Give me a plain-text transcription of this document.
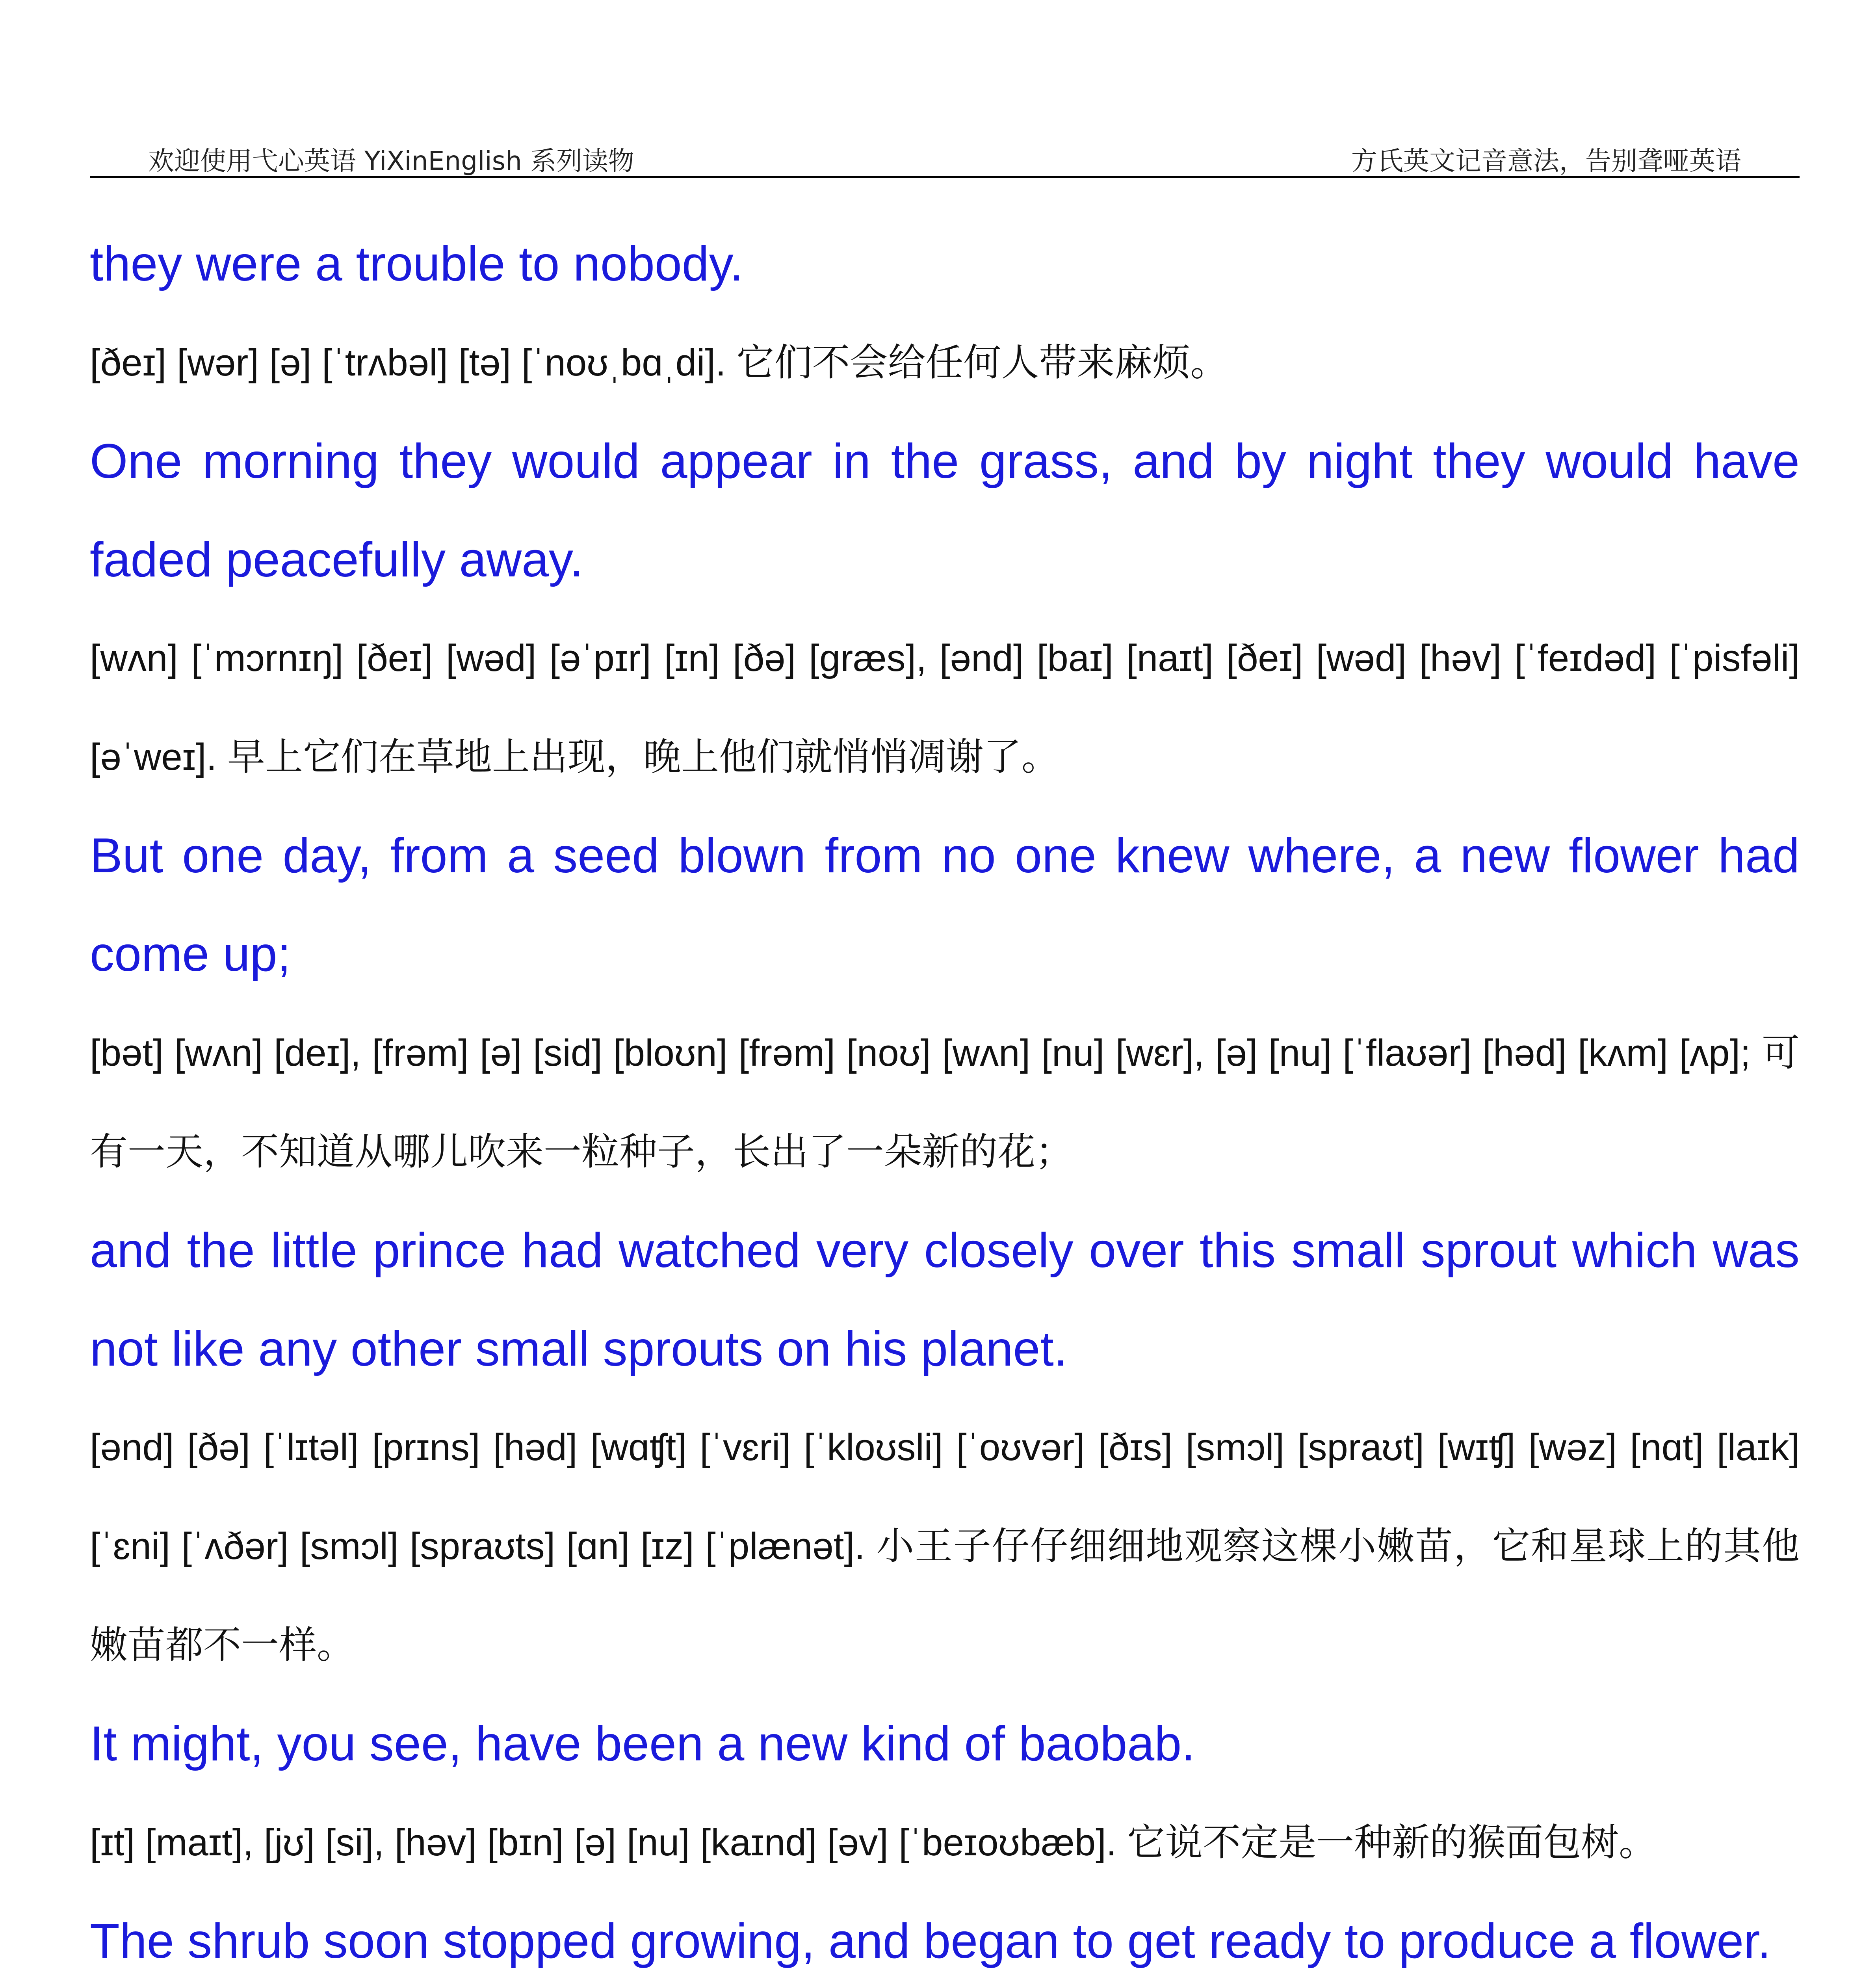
欢迎使用弋心英语 YiXinEnglish 系列读物	方氏英文记音意法，告别聋哑英语

they were a trouble to nobody.

[ðeɪ] [wər] [ə] [ˈtrʌbəl] [tə] [ˈnoʊˌbɑˌdi]. 它们不会给任何人带来麻烦。

One morning they would appear in the grass, and by night they would have faded peacefully away.

[wʌn] [ˈmɔrnɪŋ] [ðeɪ] [wəd] [əˈpɪr] [ɪn] [ðə] [græs], [ənd] [baɪ] [naɪt] [ðeɪ] [wəd] [həv] [ˈfeɪdəd] [ˈpisfəli] [əˈweɪ]. 早上它们在草地上出现，晚上他们就悄悄凋谢了。

But one day, from a seed blown from no one knew where, a new flower had come up;

[bət] [wʌn] [deɪ], [frəm] [ə] [sid] [bloʊn] [frəm] [noʊ] [wʌn] [nu] [wɛr], [ə] [nu] [ˈflaʊər] [həd] [kʌm] [ʌp]; 可有一天，不知道从哪儿吹来一粒种子，长出了一朵新的花；

and the little prince had watched very closely over this small sprout which was not like any other small sprouts on his planet.

[ənd] [ðə] [ˈlɪtəl] [prɪns] [həd] [wɑʧt] [ˈvɛri] [ˈkloʊsli] [ˈoʊvər] [ðɪs] [smɔl] [spraʊt] [wɪʧ] [wəz] [nɑt] [laɪk] [ˈɛni] [ˈʌðər] [smɔl] [spraʊts] [ɑn] [ɪz] [ˈplænət]. 小王子仔仔细细地观察这棵小嫩苗，它和星球上的其他嫩苗都不一样。

It might, you see, have been a new kind of baobab.

[ɪt] [maɪt], [jʊ] [si], [həv] [bɪn] [ə] [nu] [kaɪnd] [əv] [ˈbeɪoʊbæb]. 它说不定是一种新的猴面包树。

The shrub soon stopped growing, and began to get ready to produce a flower.
